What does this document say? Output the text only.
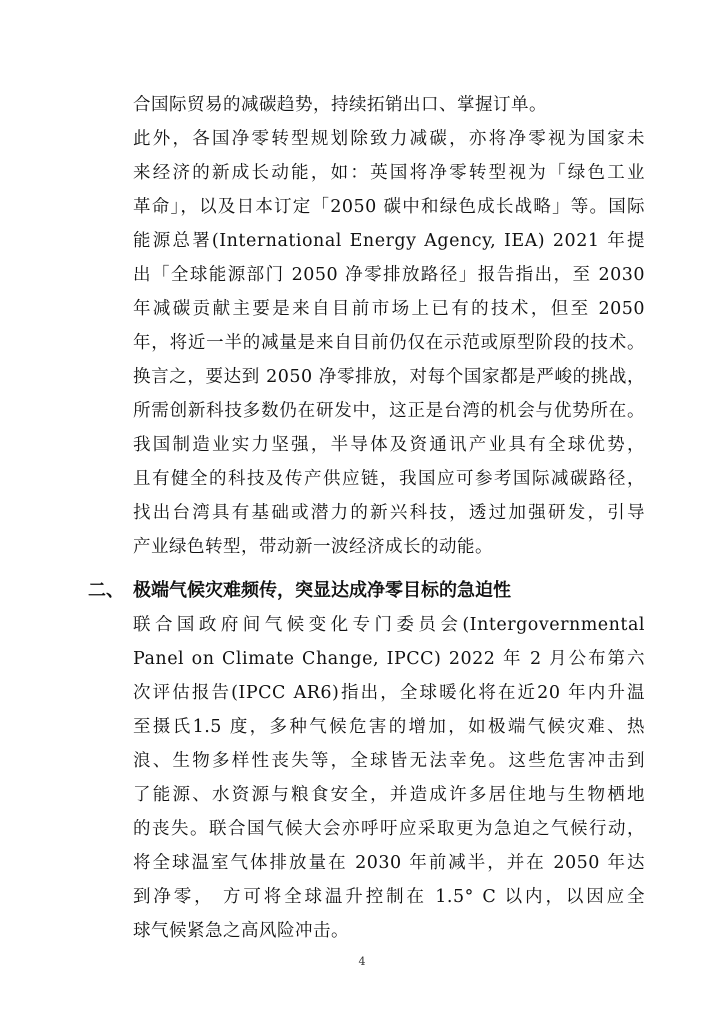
合国际贸易的减碳趋势，持续拓销出口、掌握订单。
此外，各国净零转型规划除致力减碳，亦将净零视为国家未
来经济的新成长动能，如：英国将净零转型视为「绿色工业
革命」，以及日本订定「2050 碳中和绿色成长战略」等。国际
能源总署(International Energy Agency, IEA) 2021 年提
出「全球能源部门 2050 净零排放路径」报告指出，至 2030
年减碳贡献主要是来自目前市场上已有的技术，但至 2050
年，将近一半的减量是来自目前仍仅在示范或原型阶段的技术。
换言之，要达到 2050 净零排放，对每个国家都是严峻的挑战，
所需创新科技多数仍在研发中，这正是台湾的机会与优势所在。
我国制造业实力坚强，半导体及资通讯产业具有全球优势，
且有健全的科技及传产供应链，我国应可参考国际减碳路径，
找出台湾具有基础或潜力的新兴科技，透过加强研发，引导
产业绿色转型，带动新一波经济成长的动能。
二、 极端气候灾难频传，突显达成净零目标的急迫性
联合国政府间气候变化专门委员会(Intergovernmental
Panel on Climate Change, IPCC) 2022 年 2 月公布第六
次评估报告(IPCC AR6)指出，全球暖化将在近20 年内升温
至摄氏1.5 度，多种气候危害的增加，如极端气候灾难、热
浪、生物多样性丧失等，全球皆无法幸免。这些危害冲击到
了能源、水资源与粮食安全，并造成许多居住地与生物栖地
的丧失。联合国气候大会亦呼吁应采取更为急迫之气候行动，
将全球温室气体排放量在 2030 年前减半，并在 2050 年达
到净零， 方可将全球温升控制在 1.5° C 以内，以因应全
球气候紧急之高风险冲击。
4
